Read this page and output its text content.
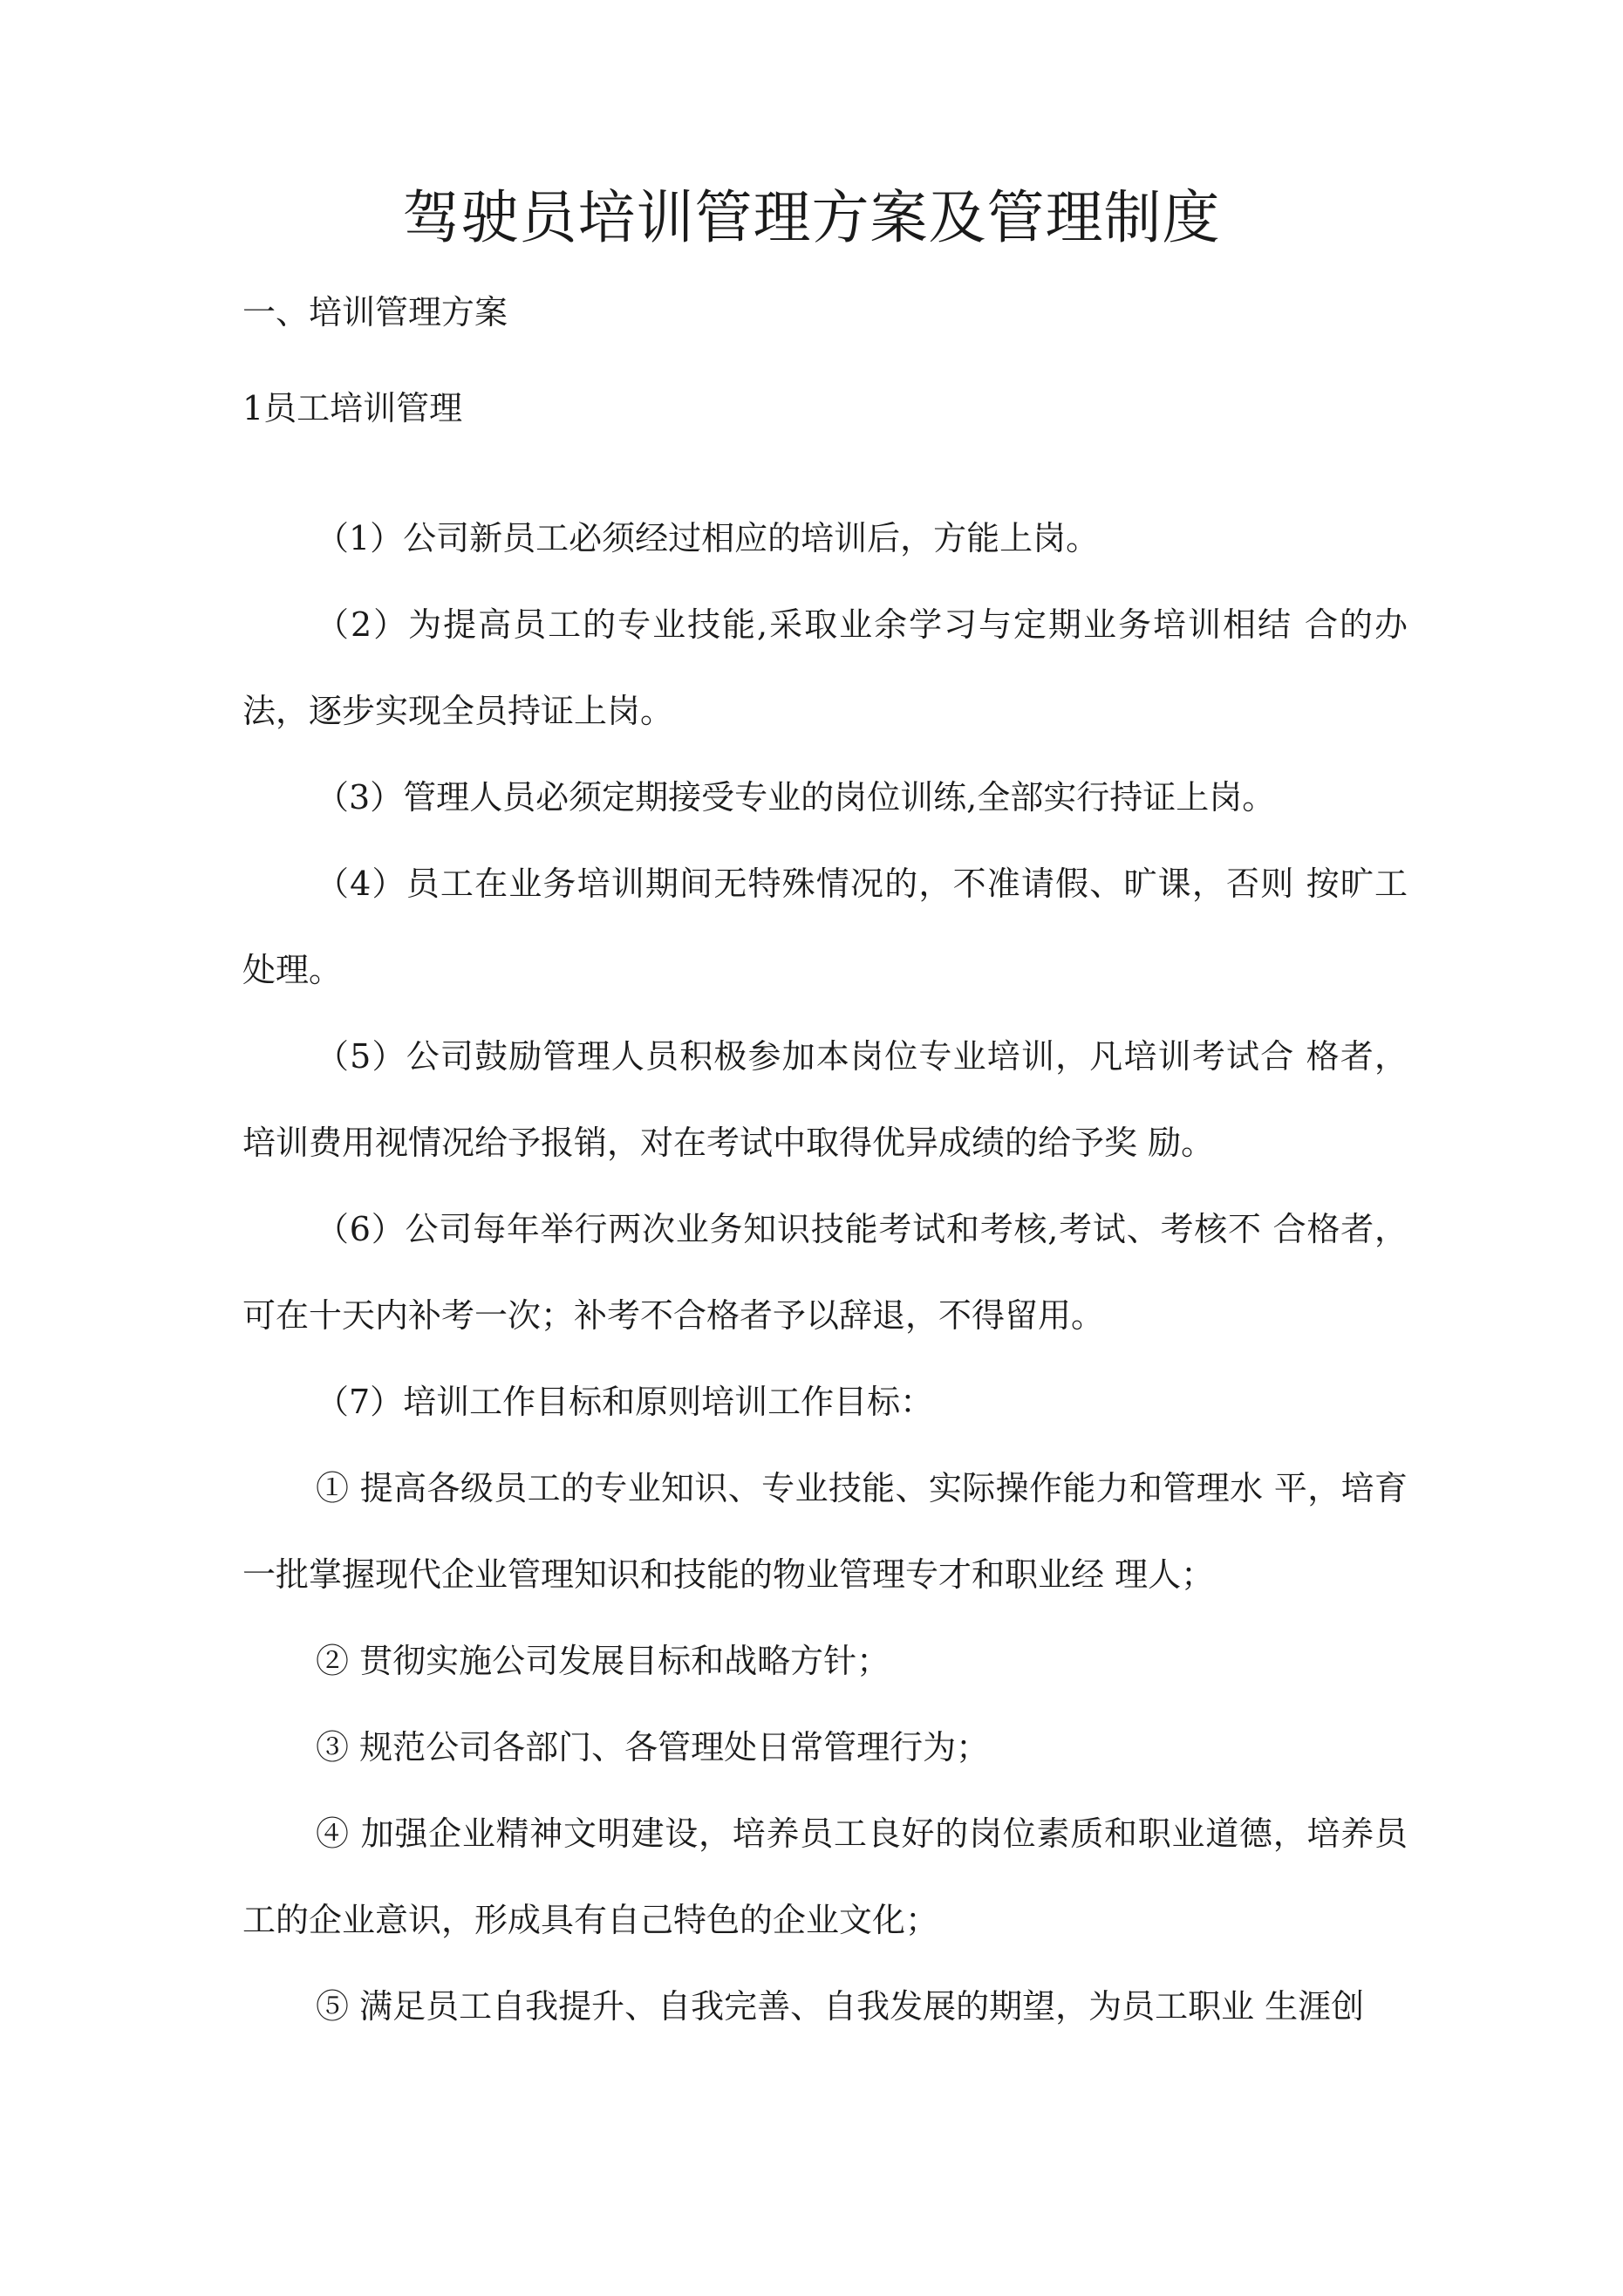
驾驶员培训管理方案及管理制度

一、培训管理方案

1员工培训管理

（1）公司新员工必须经过相应的培训后，方能上岗。

（2）为提高员工的专业技能,采取业余学习与定期业务培训相结 合的办法，逐步实现全员持证上岗。

（3）管理人员必须定期接受专业的岗位训练,全部实行持证上岗。

（4）员工在业务培训期间无特殊情况的，不准请假、旷课，否则 按旷工处理。

（5）公司鼓励管理人员积极参加本岗位专业培训，凡培训考试合 格者，培训费用视情况给予报销，对在考试中取得优异成绩的给予奖 励。

（6）公司每年举行两次业务知识技能考试和考核,考试、考核不 合格者，可在十天内补考一次；补考不合格者予以辞退，不得留用。

（7）培训工作目标和原则培训工作目标：

① 提高各级员工的专业知识、专业技能、实际操作能力和管理水 平，培育一批掌握现代企业管理知识和技能的物业管理专才和职业经 理人；

② 贯彻实施公司发展目标和战略方针；

③ 规范公司各部门、各管理处日常管理行为；

④ 加强企业精神文明建设，培养员工良好的岗位素质和职业道德，培养员工的企业意识，形成具有自己特色的企业文化；

⑤ 满足员工自我提升、自我完善、自我发展的期望，为员工职业 生涯创
